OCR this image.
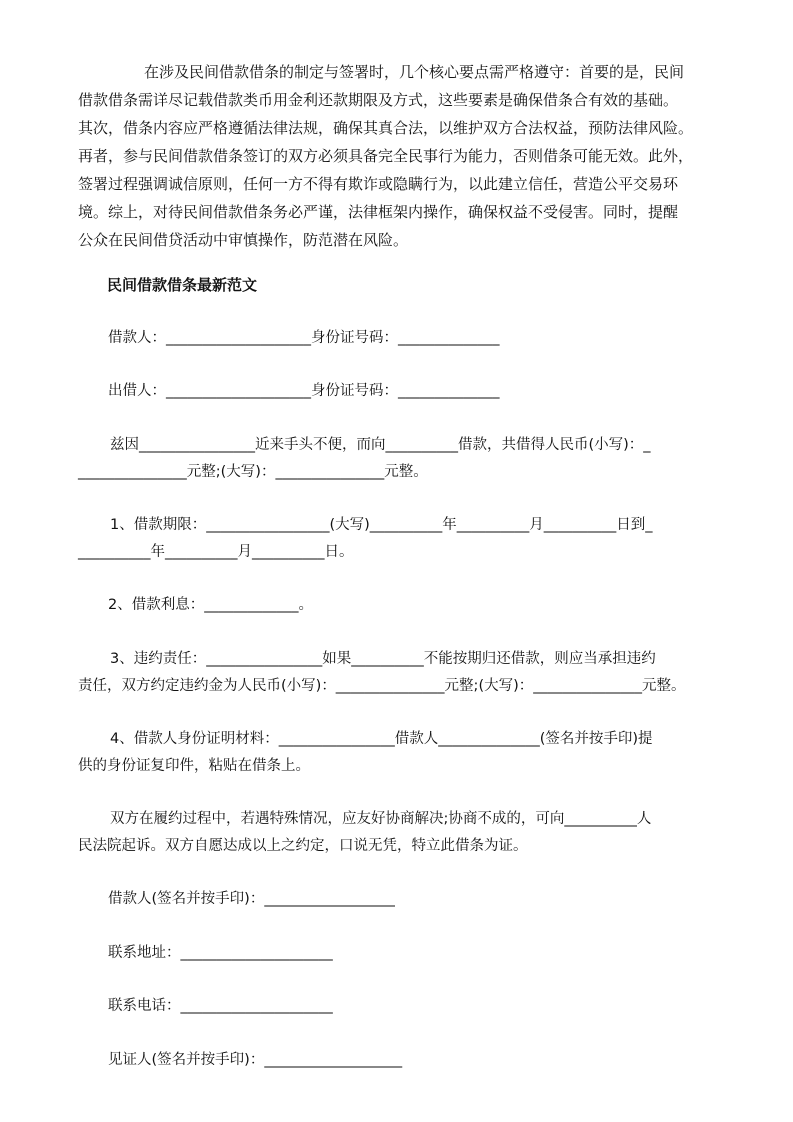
在涉及民间借款借条的制定与签署时，几个核心要点需严格遵守：首要的是，民间
借款借条需详尽记载借款类币用金利还款期限及方式，这些要素是确保借条合有效的基础。
其次，借条内容应严格遵循法律法规，确保其真合法，以维护双方合法权益，预防法律风险。
再者，参与民间借款借条签订的双方必须具备完全民事行为能力，否则借条可能无效。此外，
签署过程强调诚信原则，任何一方不得有欺诈或隐瞒行为，以此建立信任，营造公平交易环
境。综上，对待民间借款借条务必严谨，法律框架内操作，确保权益不受侵害。同时，提醒
公众在民间借贷活动中审慎操作，防范潜在风险。

民间借款借条最新范文

借款人：____________________身份证号码：______________

出借人：____________________身份证号码：______________

兹因________________近来手头不便，而向__________借款，共借得人民币(小写)：_

_______________元整;(大写)：_______________元整。

1、借款期限：_________________(大写)__________年__________月__________日到_

__________年__________月__________日。

2、借款利息：_____________。

3、违约责任：________________如果__________不能按期归还借款，则应当承担违约

责任，双方约定违约金为人民币(小写)：_______________元整;(大写)：_______________元整。

4、借款人身份证明材料：________________借款人______________(签名并按手印)提

供的身份证复印件，粘贴在借条上。

双方在履约过程中，若遇特殊情况，应友好协商解决;协商不成的，可向__________人

民法院起诉。双方自愿达成以上之约定，口说无凭，特立此借条为证。

借款人(签名并按手印)：__________________

联系地址：_____________________

联系电话：_____________________

见证人(签名并按手印)：___________________
